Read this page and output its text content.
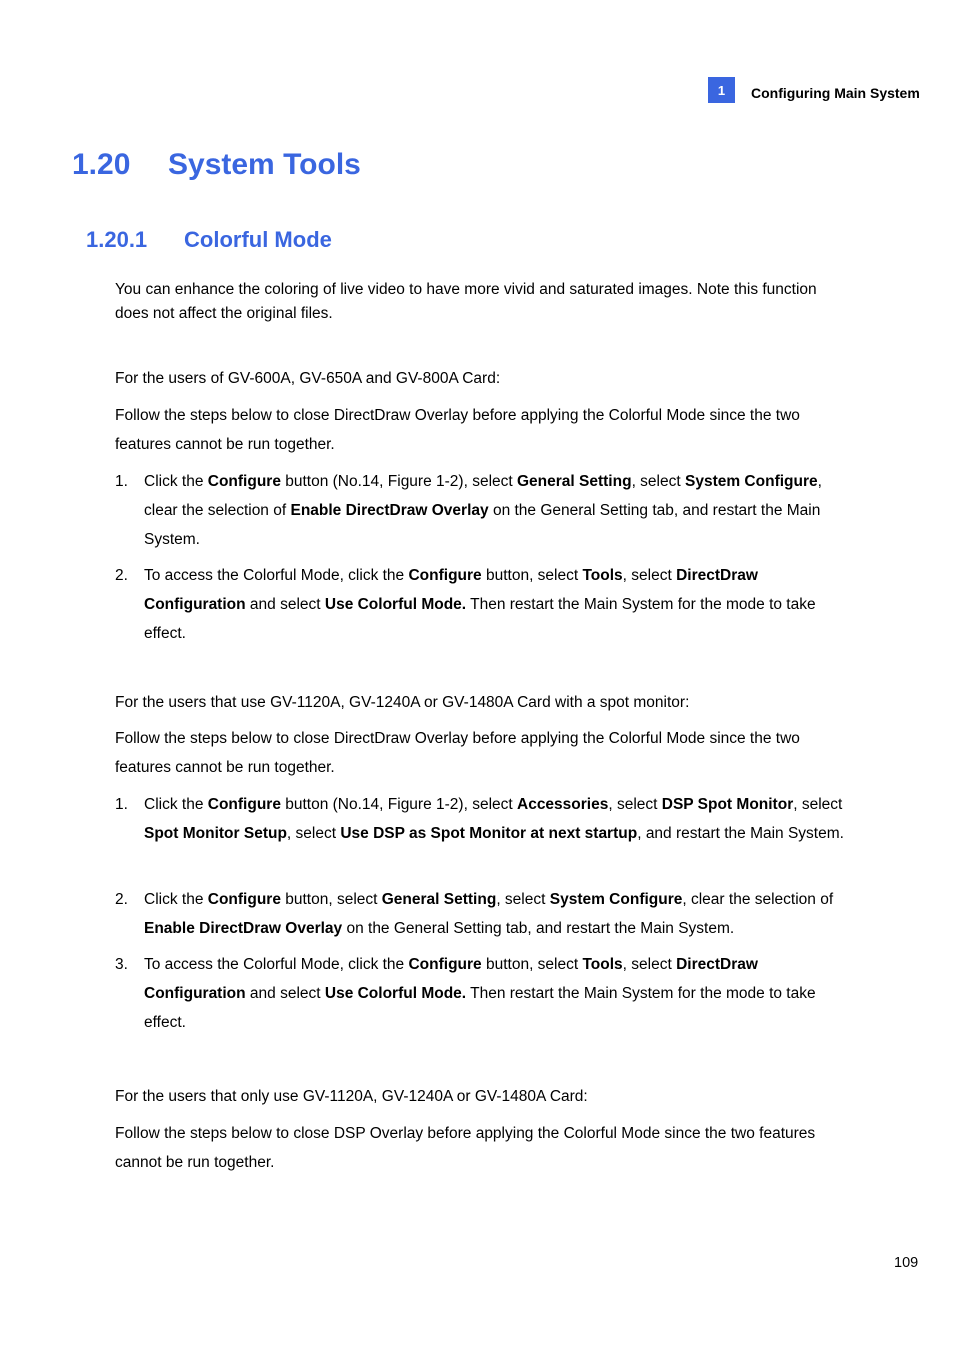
1	Configuring Main System
1.20 System Tools
1.20.1 Colorful Mode

You can enhance the coloring of live video to have more vivid and saturated images. Note this function does not affect the original files.

For the users of GV-600A, GV-650A and GV-800A Card:

Follow the steps below to close DirectDraw Overlay before applying the Colorful Mode since the two features cannot be run together.

1.	Click the Configure button (No.14, Figure 1-2), select General Setting, select System Configure, clear the selection of Enable DirectDraw Overlay on the General Setting tab, and restart the Main System.
2.	To access the Colorful Mode, click the Configure button, select Tools, select DirectDraw Configuration and select Use Colorful Mode. Then restart the Main System for the mode to take effect.

For the users that use GV-1120A, GV-1240A or GV-1480A Card with a spot monitor:

Follow the steps below to close DirectDraw Overlay before applying the Colorful Mode since the two features cannot be run together.

1.	Click the Configure button (No.14, Figure 1-2), select Accessories, select DSP Spot Monitor, select Spot Monitor Setup, select Use DSP as Spot Monitor at next startup, and restart the Main System.
2.	Click the Configure button, select General Setting, select System Configure, clear the selection of Enable DirectDraw Overlay on the General Setting tab, and restart the Main System.
3.	To access the Colorful Mode, click the Configure button, select Tools, select DirectDraw Configuration and select Use Colorful Mode. Then restart the Main System for the mode to take effect.

For the users that only use GV-1120A, GV-1240A or GV-1480A Card:

Follow the steps below to close DSP Overlay before applying the Colorful Mode since the two features cannot be run together.

109
